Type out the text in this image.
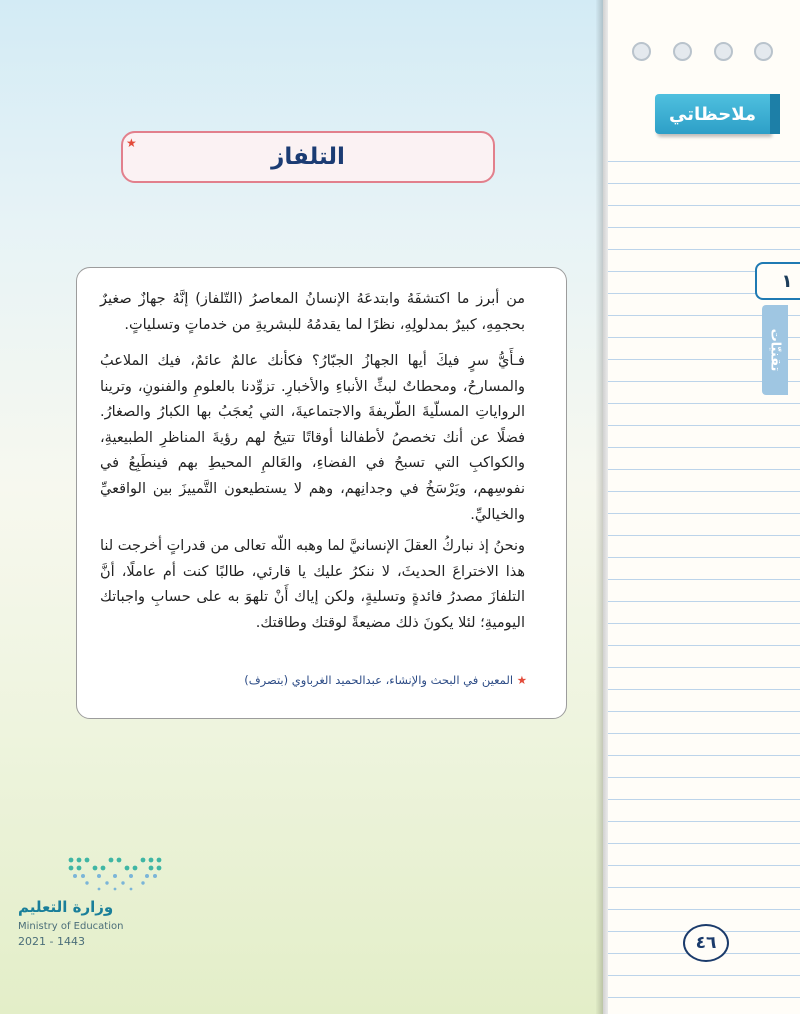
ملاحظاتي
١
تقنيّات
التلفاز
★

من أبرز ما اكتشفَهُ وابتدعَهُ الإنسانُ المعاصرُ (التّلفاز) إنَّهُ جهازٌ صغيرٌ بحجمِهِ، كبيرٌ بمدلولِهِ، نظرًا لما يقدمُهُ للبشريةِ من خدماتٍ وتسلياتٍ.

فـأَيُّ سرٍ فيكَ أيها الجهازُ الجبّارُ؟ فكأنك عالمٌ عائمٌ، فيك الملاعبُ والمسارحُ، ومحطاتٌ لبثِّ الأنباءِ والأخبارِ. تزوِّدنا بالعلومِ والفنونِ، وترينا الرواياتِ المسلّيةَ الطّريفةَ والاجتماعيةَ، التي يُعجَبُ بها الكبارُ والصغارُ. فضلًا عن أنك تخصصُ لأطفالنا أوقاتًا تتيحُ لهم رؤيةَ المناظرِ الطبيعيةِ، والكواكبِ التي تسبحُ في الفضاءِ، والعَالمِ المحيطِ بهم فينطَبِعُ في نفوسِهم، ويَرْسَخُ في وجدانِهم، وهم لا يستطيعون التَّمييزَ بين الواقعيِّ والخياليِّ.

ونحنُ إذ نباركُ العقلَ الإنسانيَّ لما وهبه اللّه تعالى من قدراتٍ أخرجت لنا هذا الاختراعَ الحديثَ، لا ننكرُ عليك يا قارئي، طالبًا كنت أم عاملًا، أنَّ التلفازَ مصدرُ فائدةٍ وتسليةٍ، ولكن إياك أَنْ تلهوَ به على حسابِ واجباتك اليوميةِ؛ لئلا يكونَ ذلك مضيعةً لوقتك وطاقتك.

★ المعين في البحث والإنشاء، عبدالحميد الغرباوي (بتصرف)
وزارة التعليم
Ministry of Education
2021 - 1443	٤٦
